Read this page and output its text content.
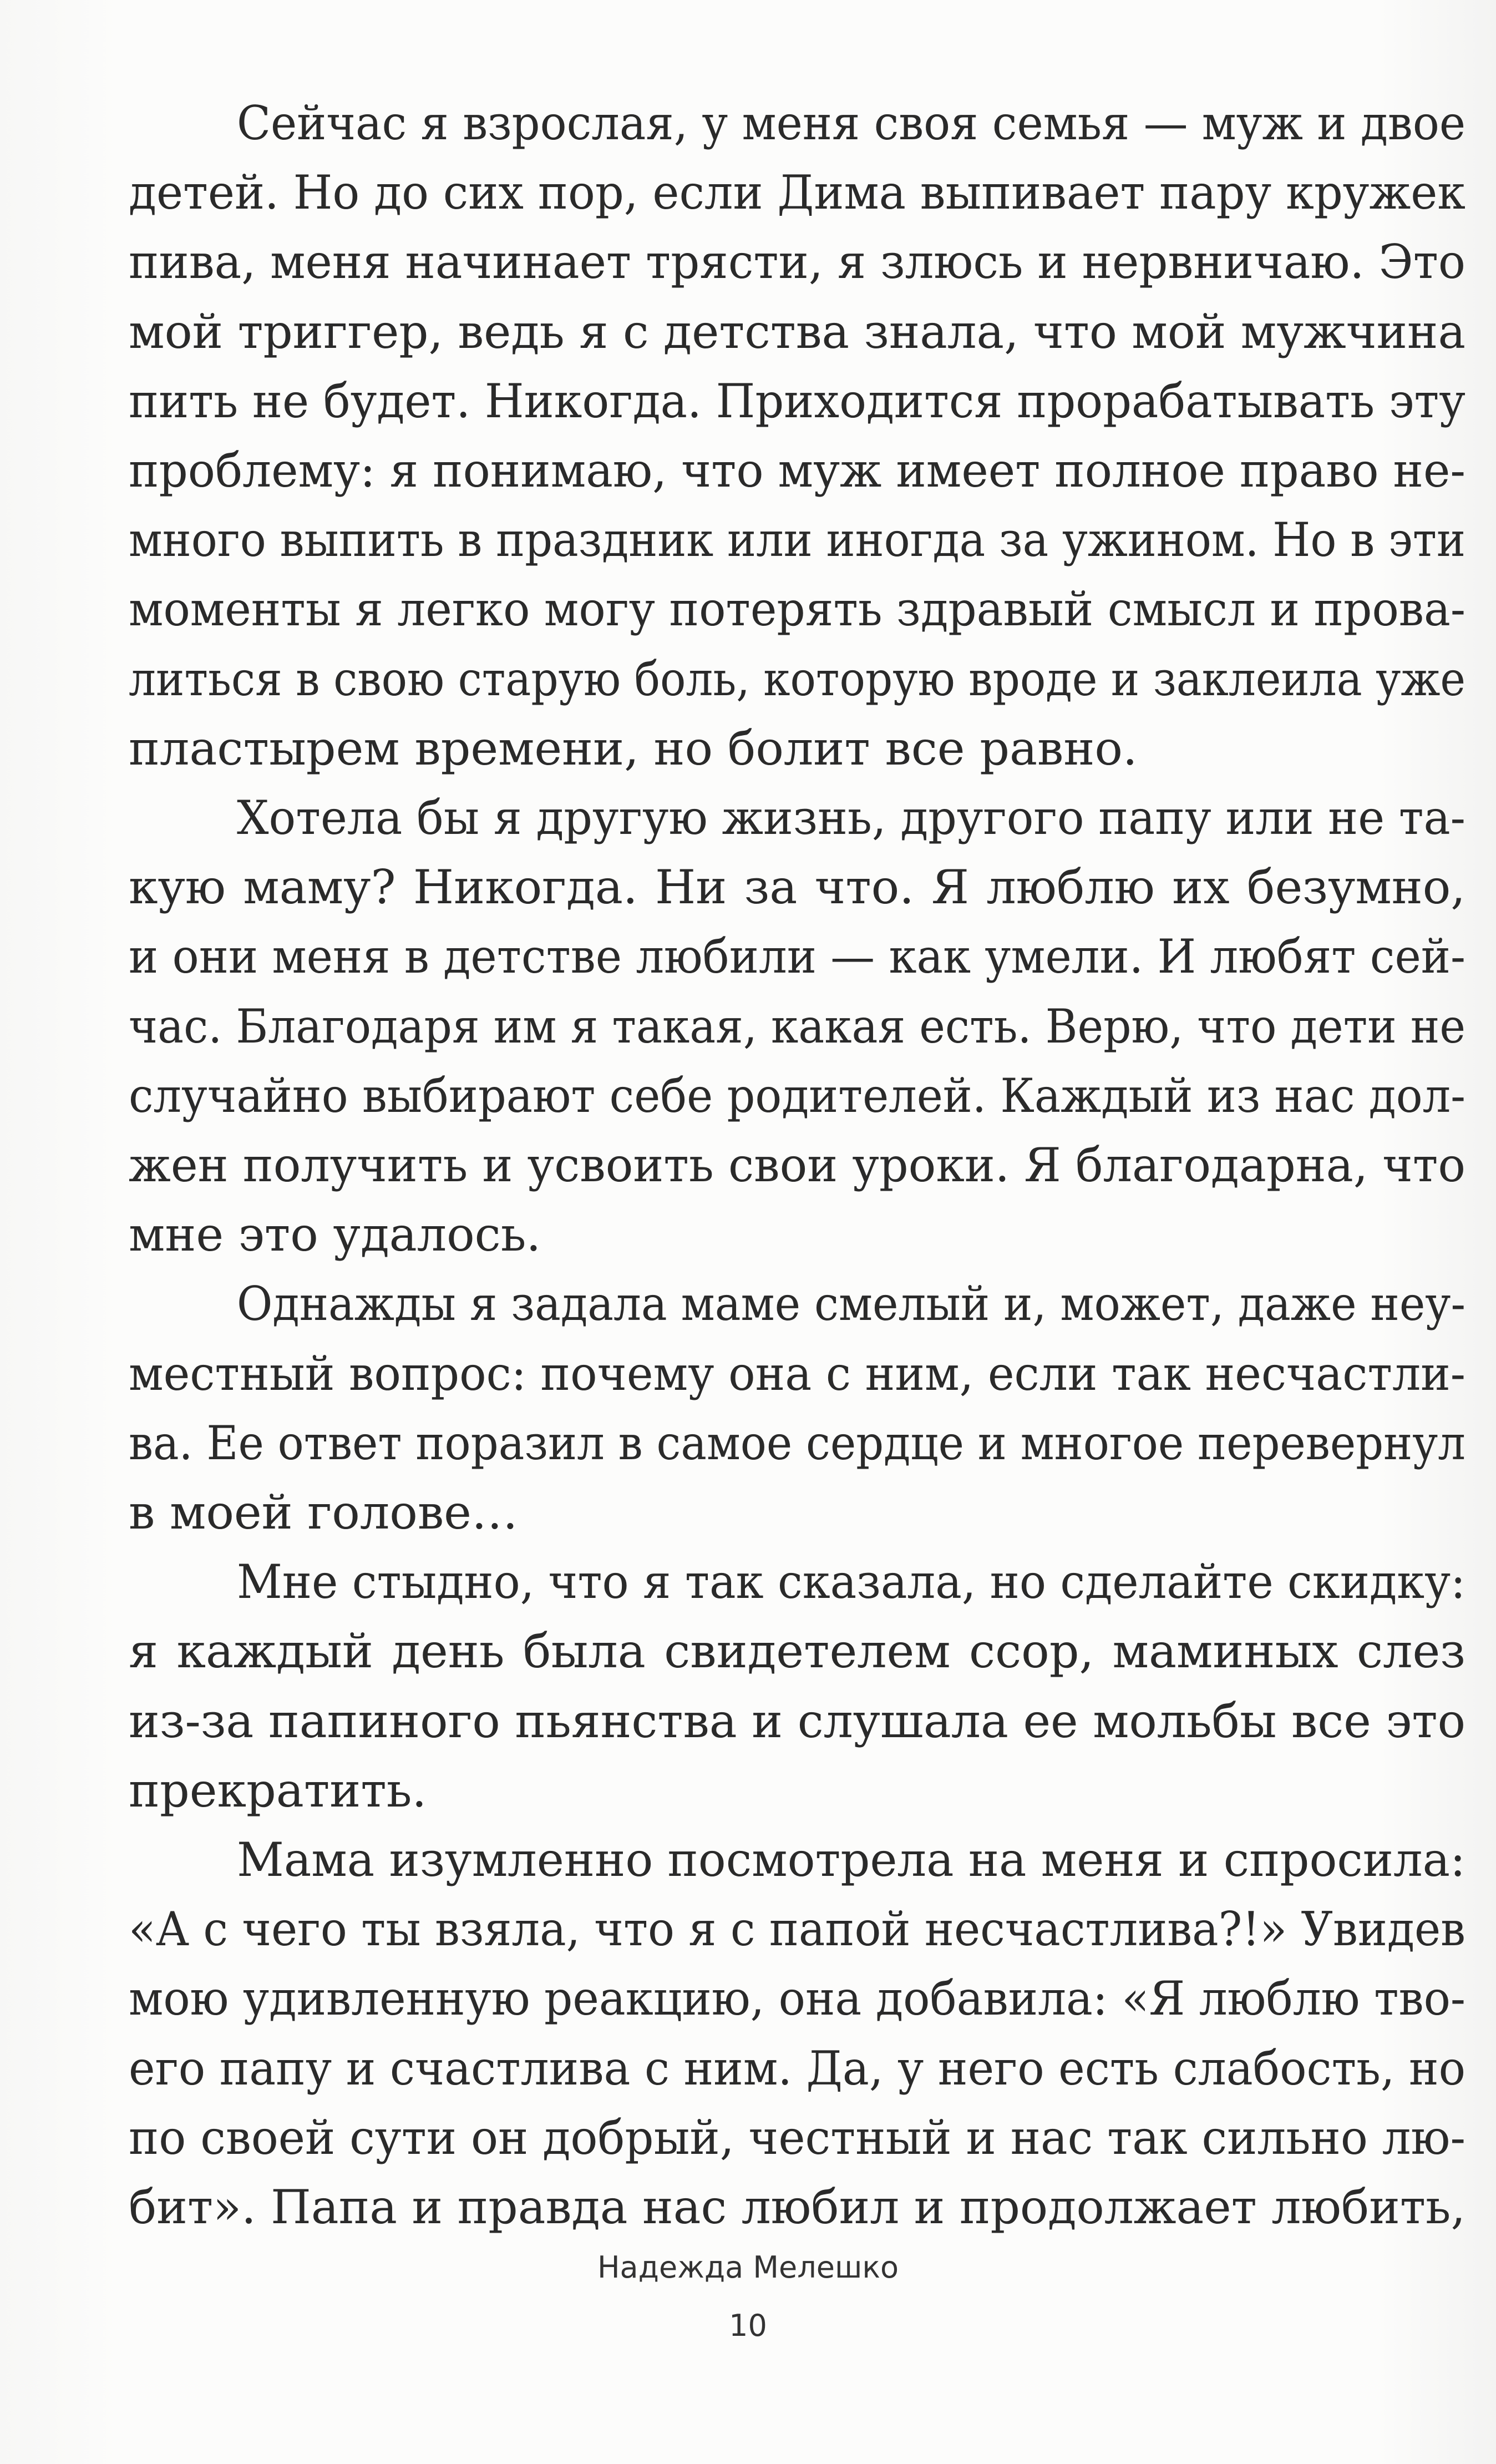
Сейчас я взрослая, у меня своя семья — муж и двое
детей. Но до сих пор, если Дима выпивает пару кружек
пива, меня начинает трясти, я злюсь и нервничаю. Это
мой триггер, ведь я с детства знала, что мой мужчина
пить не будет. Никогда. Приходится прорабатывать эту
проблему: я понимаю, что муж имеет полное право не-
много выпить в праздник или иногда за ужином. Но в эти
моменты я легко могу потерять здравый смысл и прова-
литься в свою старую боль, которую вроде и заклеила уже
пластырем времени, но болит все равно.
Хотела бы я другую жизнь, другого папу или не та-
кую маму? Никогда. Ни за что. Я люблю их безумно,
и они меня в детстве любили — как умели. И любят сей-
час. Благодаря им я такая, какая есть. Верю, что дети не
случайно выбирают себе родителей. Каждый из нас дол-
жен получить и усвоить свои уроки. Я благодарна, что
мне это удалось.
Однажды я задала маме смелый и, может, даже неу-
местный вопрос: почему она с ним, если так несчастли-
ва. Ее ответ поразил в самое сердце и многое перевернул
в моей голове…
Мне стыдно, что я так сказала, но сделайте скидку:
я каждый день была свидетелем ссор, маминых слез
из-за папиного пьянства и слушала ее мольбы все это
прекратить.
Мама изумленно посмотрела на меня и спросила:
«А с чего ты взяла, что я с папой несчастлива?!» Увидев
мою удивленную реакцию, она добавила: «Я люблю тво-
его папу и счастлива с ним. Да, у него есть слабость, но
по своей сути он добрый, честный и нас так сильно лю-
бит». Папа и правда нас любил и продолжает любить,
Надежда Мелешко
10
